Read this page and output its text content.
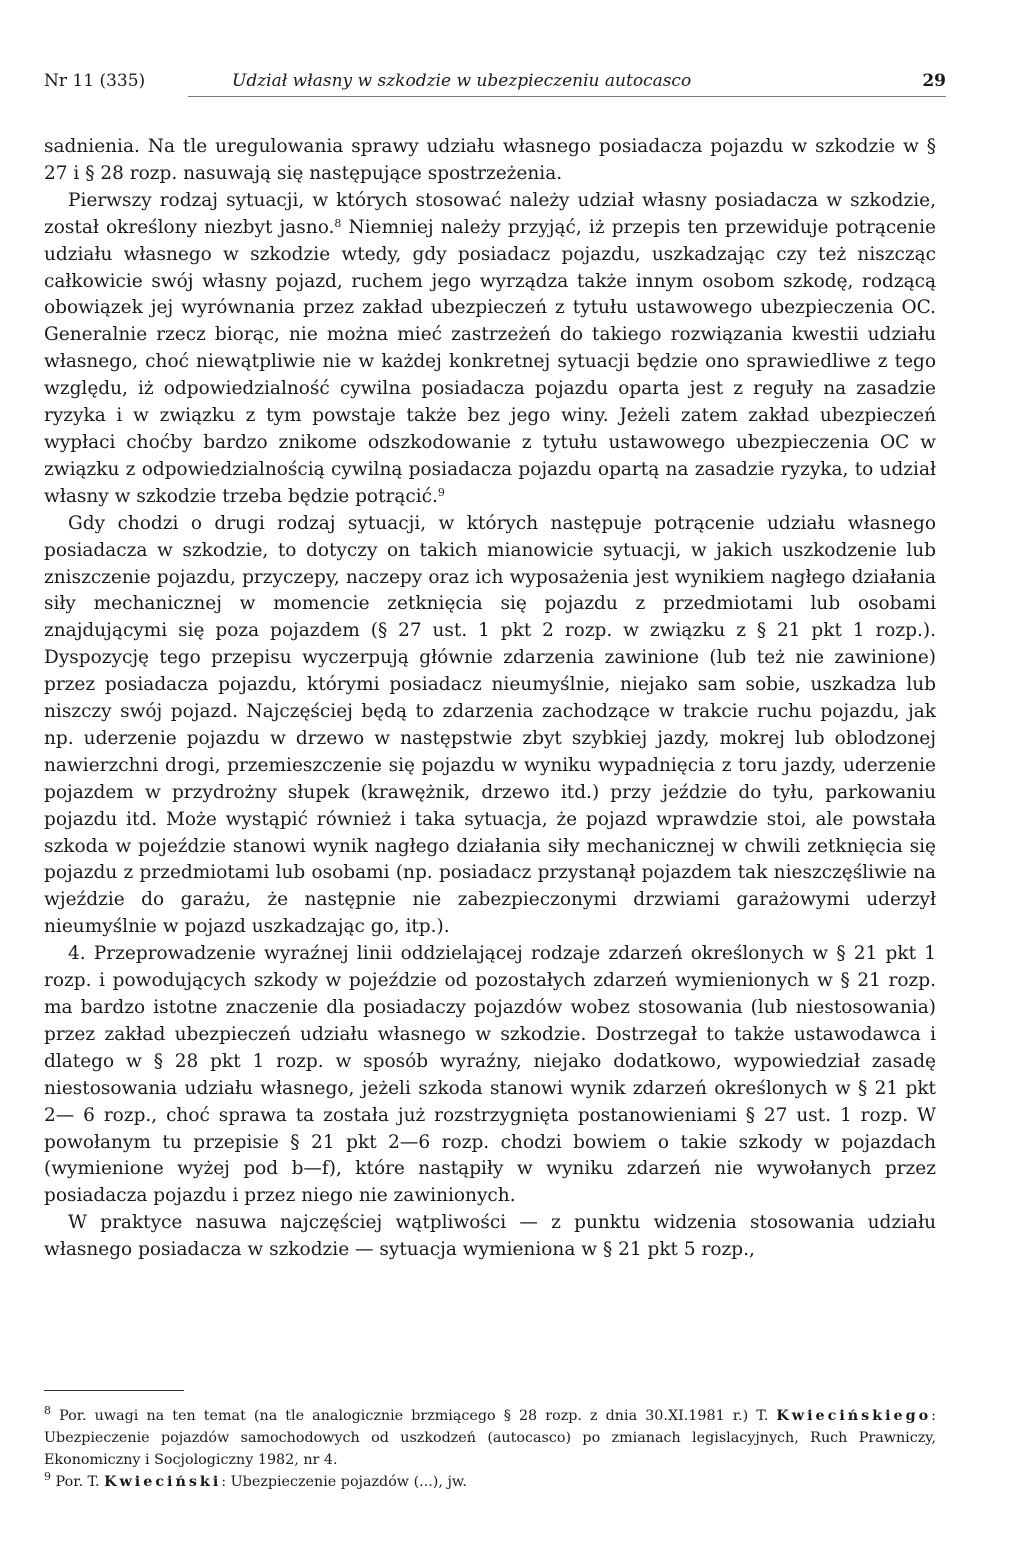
Nr 11 (335)	Udział własny w szkodzie w ubezpieczeniu autocasco	29

sadnienia. Na tle uregulowania sprawy udziału własnego posiadacza pojazdu w szkodzie w § 27 i § 28 rozp. nasuwają się następujące spostrzeżenia.

Pierwszy rodzaj sytuacji, w których stosować należy udział własny posiadacza w szkodzie, został określony niezbyt jasno.$^8$ Niemniej należy przyjąć, iż przepis ten przewiduje potrącenie udziału własnego w szkodzie wtedy, gdy posiadacz pojazdu, uszkadzając czy też niszcząc całkowicie swój własny pojazd, ruchem jego wyrządza także innym osobom szkodę, rodzącą obowiązek jej wyrównania przez zakład ubezpieczeń z tytułu ustawowego ubezpieczenia OC. Generalnie rzecz biorąc, nie można mieć zastrzeżeń do takiego rozwiązania kwestii udziału własnego, choć niewątpliwie nie w każdej konkretnej sytuacji będzie ono sprawiedliwe z tego względu, iż odpowiedzialność cywilna posiadacza pojazdu oparta jest z reguły na zasadzie ryzyka i w związku z tym powstaje także bez jego winy. Jeżeli zatem zakład ubezpieczeń wypłaci choćby bardzo znikome odszkodowanie z tytułu ustawowego ubezpieczenia OC w związku z odpowiedzialnością cywilną posiadacza pojazdu opartą na zasadzie ryzyka, to udział własny w szkodzie trzeba będzie potrącić.$^9$

Gdy chodzi o drugi rodzaj sytuacji, w których następuje potrącenie udziału własnego posiadacza w szkodzie, to dotyczy on takich mianowicie sytuacji, w jakich uszkodzenie lub zniszczenie pojazdu, przyczepy, naczepy oraz ich wyposażenia jest wynikiem nagłego działania siły mechanicznej w momencie zetknięcia się pojazdu z przedmiotami lub osobami znajdującymi się poza pojazdem (§ 27 ust. 1 pkt 2 rozp. w związku z § 21 pkt 1 rozp.). Dyspozycję tego przepisu wyczerpują głównie zdarzenia zawinione (lub też nie zawinione) przez posiadacza pojazdu, którymi posiadacz nieumyślnie, niejako sam sobie, uszkadza lub niszczy swój pojazd. Najczęściej będą to zdarzenia zachodzące w trakcie ruchu pojazdu, jak np. uderzenie pojazdu w drzewo w następstwie zbyt szybkiej jazdy, mokrej lub oblodzonej nawierzchni drogi, przemieszczenie się pojazdu w wyniku wypadnięcia z toru jazdy, uderzenie pojazdem w przydrożny słupek (krawężnik, drzewo itd.) przy jeździe do tyłu, parkowaniu pojazdu itd. Może wystąpić również i taka sytuacja, że pojazd wprawdzie stoi, ale powstała szkoda w pojeździe stanowi wynik nagłego działania siły mechanicznej w chwili zetknięcia się pojazdu z przedmiotami lub osobami (np. posiadacz przystanął pojazdem tak nieszczęśliwie na wjeździe do garażu, że następnie nie zabezpieczonymi drzwiami garażowymi uderzył nieumyślnie w pojazd uszkadzając go, itp.).

4. Przeprowadzenie wyraźnej linii oddzielającej rodzaje zdarzeń określonych w § 21 pkt 1 rozp. i powodujących szkody w pojeździe od pozostałych zdarzeń wymienionych w § 21 rozp. ma bardzo istotne znaczenie dla posiadaczy pojazdów wobez stosowania (lub niestosowania) przez zakład ubezpieczeń udziału własnego w szkodzie. Dostrzegał to także ustawodawca i dlatego w § 28 pkt 1 rozp. w sposób wyraźny, niejako dodatkowo, wypowiedział zasadę niestosowania udziału własnego, jeżeli szkoda stanowi wynik zdarzeń określonych w § 21 pkt 2— 6 rozp., choć sprawa ta została już rozstrzygnięta postanowieniami § 27 ust. 1 rozp. W powołanym tu przepisie § 21 pkt 2—6 rozp. chodzi bowiem o takie szkody w pojazdach (wymienione wyżej pod b—f), które nastąpiły w wyniku zdarzeń nie wywołanych przez posiadacza pojazdu i przez niego nie zawinionych.

W praktyce nasuwa najczęściej wątpliwości — z punktu widzenia stosowania udziału własnego posiadacza w szkodzie — sytuacja wymieniona w § 21 pkt 5 rozp.,

$^8$ Por. uwagi na ten temat (na tle analogicznie brzmiącego § 28 rozp. z dnia 30.XI.1981 r.) T. Kwiecińskiego: Ubezpieczenie pojazdów samochodowych od uszkodzeń (autocasco) po zmianach legislacyjnych, Ruch Prawniczy, Ekonomiczny i Socjologiczny 1982, nr 4.

$^9$ Por. T. Kwieciński: Ubezpieczenie pojazdów (...), jw.
